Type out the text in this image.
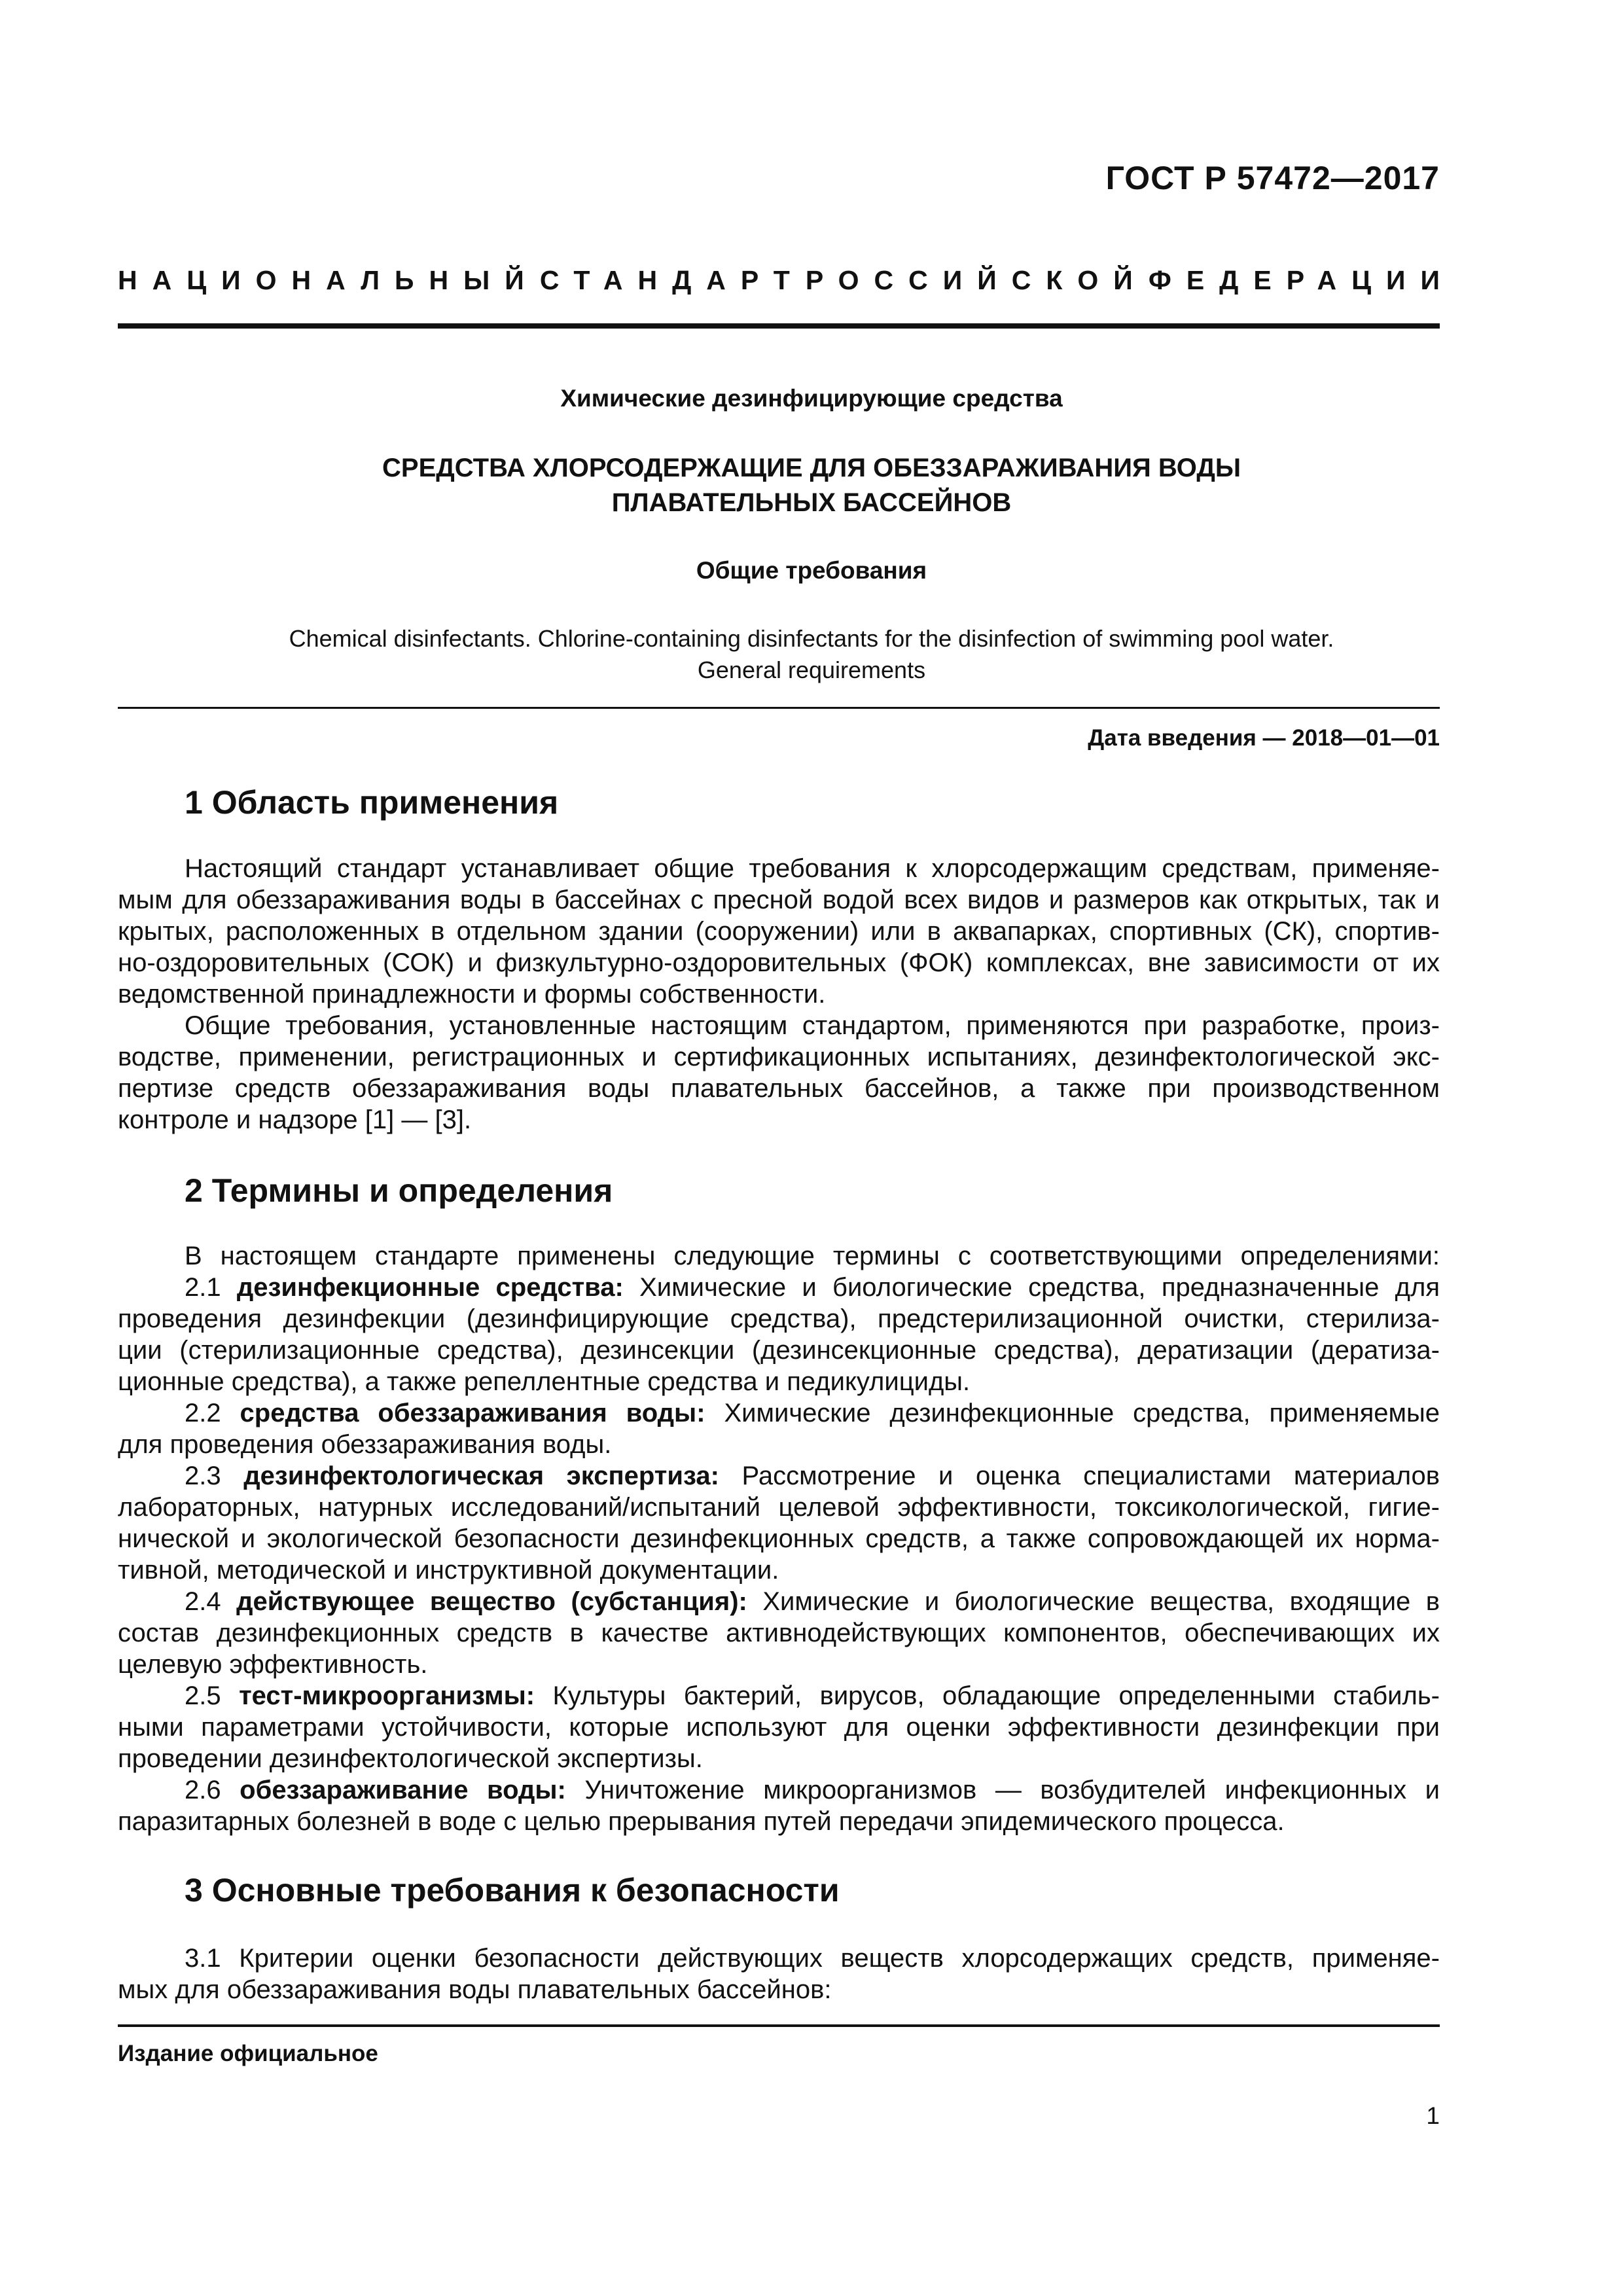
ГОСТ Р 57472—2017
НАЦИОНАЛЬНЫЙ СТАНДАРТ РОССИЙСКОЙ ФЕДЕРАЦИИ
Химические дезинфицирующие средства
СРЕДСТВА ХЛОРСОДЕРЖАЩИЕ ДЛЯ ОБЕЗЗАРАЖИВАНИЯ ВОДЫ
ПЛАВАТЕЛЬНЫХ БАССЕЙНОВ
Общие требования
Chemical disinfectants. Chlorine-containing disinfectants for the disinfection of swimming pool water.
General requirements
Дата введения — 2018—01—01
1 Область применения
Настоящий стандарт устанавливает общие требования к хлорсодержащим средствам, применяе-
мым для обеззараживания воды в бассейнах с пресной водой всех видов и размеров как открытых, так и
крытых, расположенных в отдельном здании (сооружении) или в аквапарках, спортивных (СК), спортив-
но-оздоровительных (СОК) и физкультурно-оздоровительных (ФОК) комплексах, вне зависимости от их
ведомственной принадлежности и формы собственности.
Общие требования, установленные настоящим стандартом, применяются при разработке, произ-
водстве, применении, регистрационных и сертификационных испытаниях, дезинфектологической экс-
пертизе средств обеззараживания воды плавательных бассейнов, а также при производственном
контроле и надзоре [1] — [3].
2 Термины и определения
В настоящем стандарте применены следующие термины с соответствующими определениями:
2.1 дезинфекционные средства: Химические и биологические средства, предназначенные для
проведения дезинфекции (дезинфицирующие средства), предстерилизационной очистки, стерилиза-
ции (стерилизационные средства), дезинсекции (дезинсекционные средства), дератизации (дератиза-
ционные средства), а также репеллентные средства и педикулициды.
2.2 средства обеззараживания воды: Химические дезинфекционные средства, применяемые
для проведения обеззараживания воды.
2.3 дезинфектологическая экспертиза: Рассмотрение и оценка специалистами материалов
лабораторных, натурных исследований/испытаний целевой эффективности, токсикологической, гигие-
нической и экологической безопасности дезинфекционных средств, а также сопровождающей их норма-
тивной, методической и инструктивной документации.
2.4 действующее вещество (субстанция): Химические и биологические вещества, входящие в
состав дезинфекционных средств в качестве активнодействующих компонентов, обеспечивающих их
целевую эффективность.
2.5 тест-микроорганизмы: Культуры бактерий, вирусов, обладающие определенными стабиль-
ными параметрами устойчивости, которые используют для оценки эффективности дезинфекции при
проведении дезинфектологической экспертизы.
2.6 обеззараживание воды: Уничтожение микроорганизмов — возбудителей инфекционных и
паразитарных болезней в воде с целью прерывания путей передачи эпидемического процесса.
3 Основные требования к безопасности
3.1 Критерии оценки безопасности действующих веществ хлорсодержащих средств, применяе-
мых для обеззараживания воды плавательных бассейнов:
Издание официальное
1
